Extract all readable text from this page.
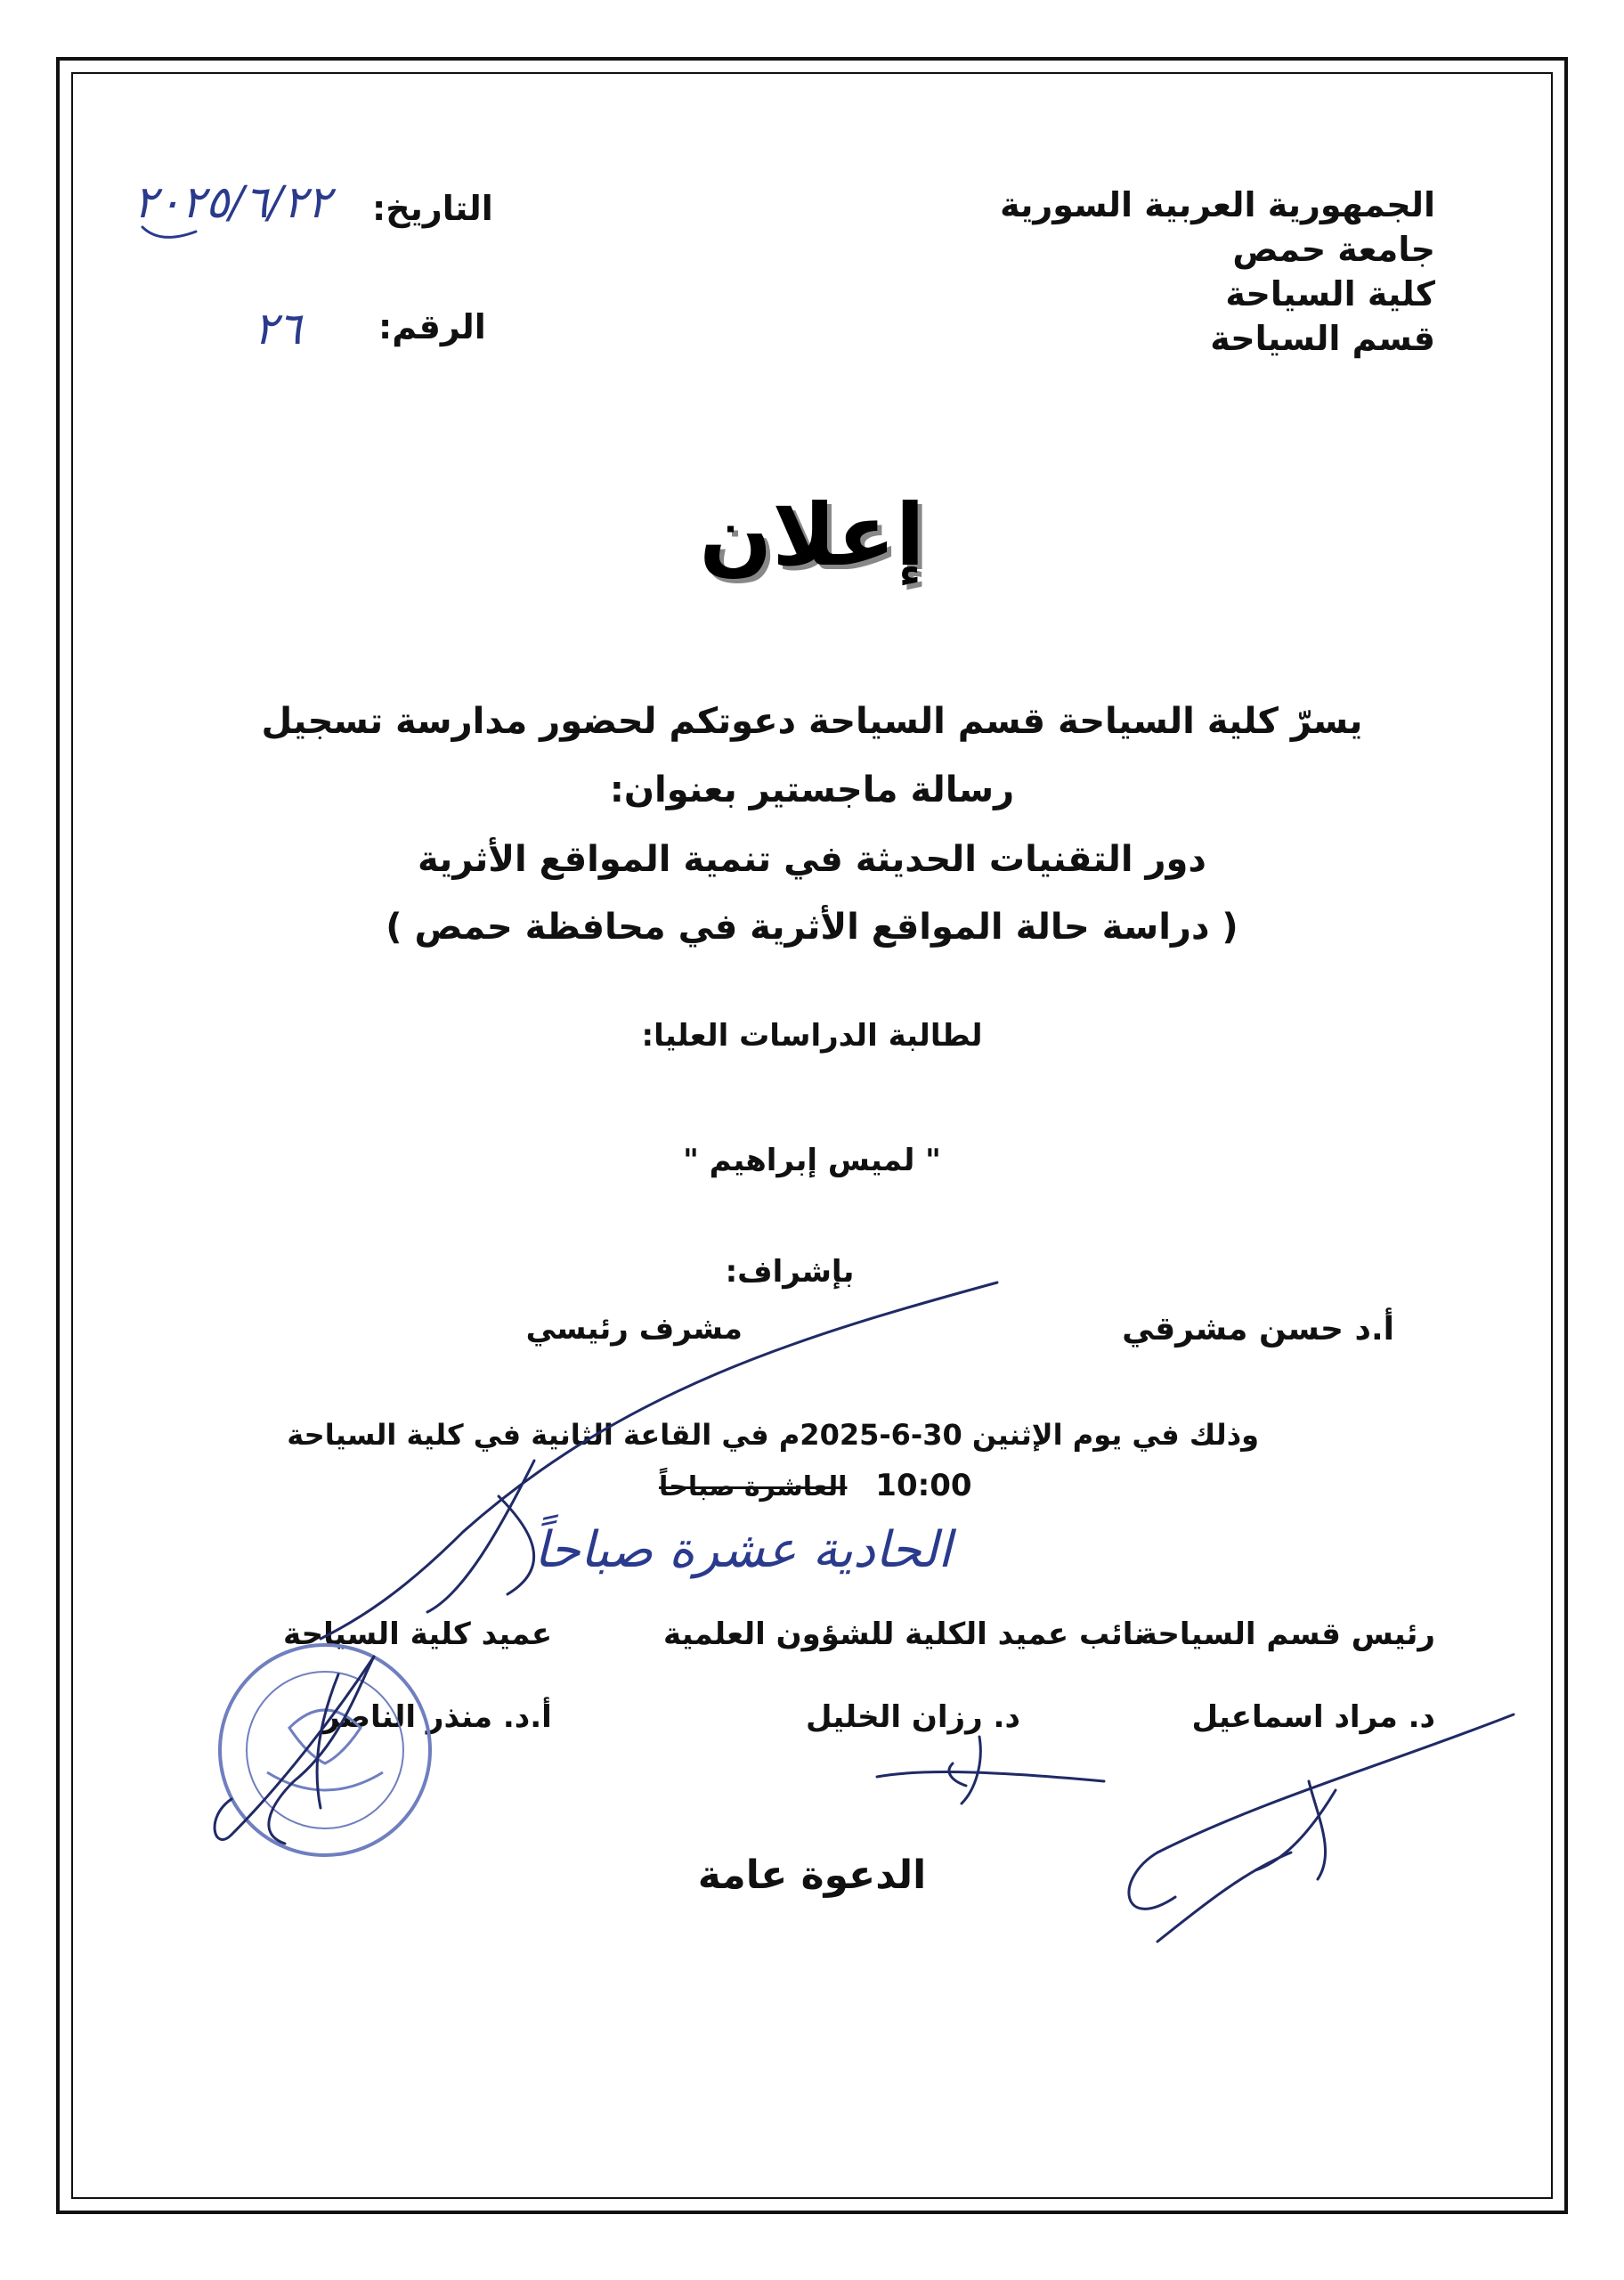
الجمهورية العربية السورية
جامعة حمص
كلية السياحة
قسم السياحة
التاريخ:
٢٠٢٥/٦/٢٢
الرقم:
٢٦
إعلان
يسرّ كلية السياحة قسم السياحة دعوتكم لحضور مدارسة تسجيل
رسالة ماجستير بعنوان:
دور التقنيات الحديثة في تنمية المواقع الأثرية
( دراسة حالة المواقع الأثرية في محافظة حمص )
لطالبة الدراسات العليا:
" لميس إبراهيم "
بإشراف:
أ.د حسن مشرقي
مشرف رئيسي
وذلك في يوم الإثنين 30-6-2025م في القاعة الثانية في كلية السياحة
10:00 العاشرة صباحاً
الحادية عشرة صباحاً
رئيس قسم السياحة
د. مراد اسماعيل
نائب عميد الكلية للشؤون العلمية
د. رزان الخليل
عميد كلية السياحة
أ.د. منذر الناصر
الدعوة عامة
